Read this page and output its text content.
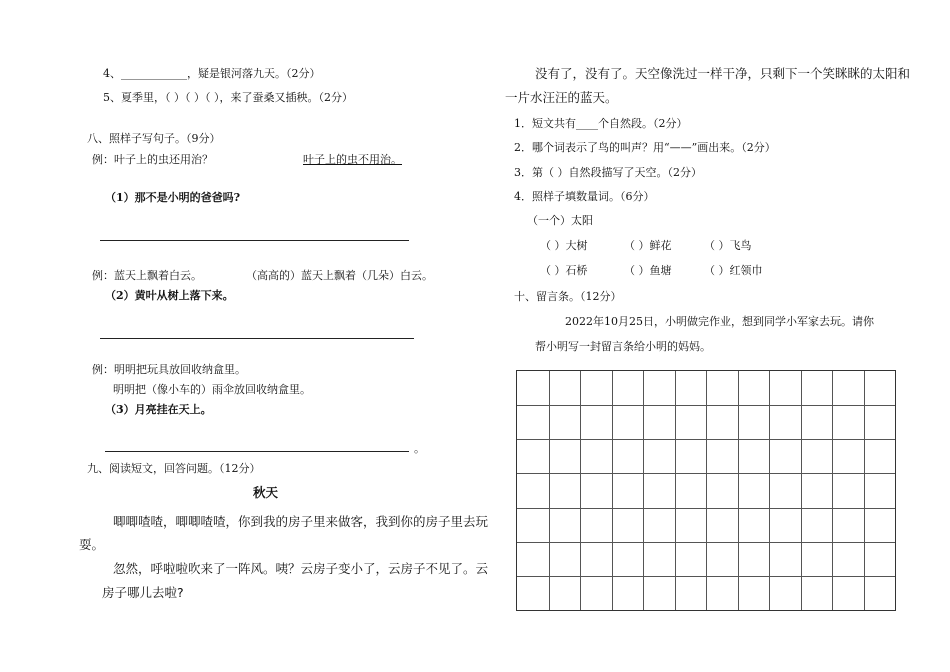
4、____________，疑是银河落九天。（2分）
5、夏季里，（ ）（ ）（ ），来了蚕桑又插秧。（2分）
八、照样子写句子。（9分）
例：叶子上的虫还用治？	叶子上的虫不用治。
（1）那不是小明的爸爸吗?
例：蓝天上飘着白云。	（高高的）蓝天上飘着（几朵）白云。
（2）黄叶从树上落下来。
例：明明把玩具放回收纳盒里。
明明把（像小车的）雨伞放回收纳盒里。
（3）月亮挂在天上。
。
九、阅读短文，回答问题。（12分）
秋天
唧唧喳喳，唧唧喳喳，你到我的房子里来做客，我到你的房子里去玩
耍。
忽然，呼啦啦吹来了一阵风。咦？云房子变小了，云房子不见了。云
房子哪儿去啦?
没有了，没有了。天空像洗过一样干净，只剩下一个笑眯眯的太阳和
一片水汪汪的蓝天。
1．短文共有____个自然段。（2分）
2．哪个词表示了鸟的叫声？用“——”画出来。（2分）
3．第（ ）自然段描写了天空。（2分）
4．照样子填数量词。（6分）
（一个）太阳
（ ）大树	（ ）鲜花	（ ）飞鸟
（ ）石桥	（ ）鱼塘	（ ）红领巾
十、留言条。（12分）
2022年10月25日，小明做完作业，想到同学小军家去玩。请你
帮小明写一封留言条给小明的妈妈。
